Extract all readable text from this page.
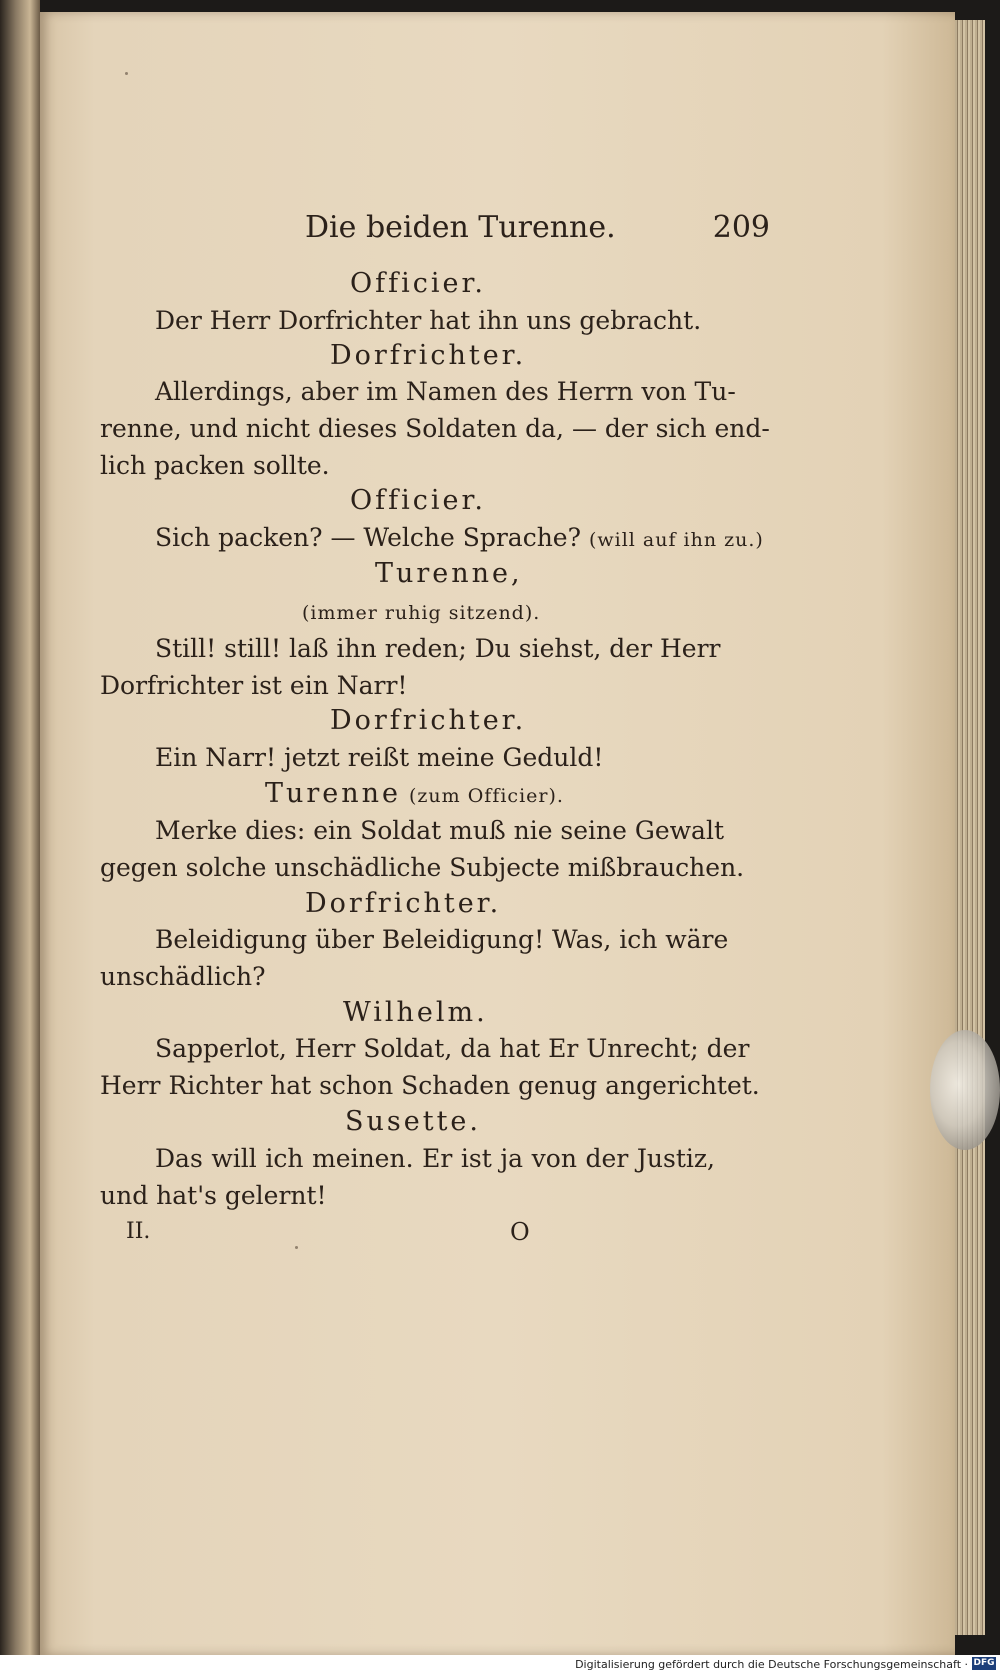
Die beiden Turenne.	209
Officier.
Der Herr Dorfrichter hat ihn uns gebracht.
Dorfrichter.
Allerdings, aber im Namen des Herrn von Tu-
renne, und nicht dieses Soldaten da, — der sich end-
lich packen sollte.
Officier.
Sich packen? — Welche Sprache? (will auf ihn zu.)
Turenne,
(immer ruhig sitzend).
Still! still! laß ihn reden; Du siehst, der Herr
Dorfrichter ist ein Narr!
Dorfrichter.
Ein Narr! jetzt reißt meine Geduld!
Turenne (zum Officier).
Merke dies: ein Soldat muß nie seine Gewalt
gegen solche unschädliche Subjecte mißbrauchen.
Dorfrichter.
Beleidigung über Beleidigung! Was, ich wäre
unschädlich?
Wilhelm.
Sapperlot, Herr Soldat, da hat Er Unrecht; der
Herr Richter hat schon Schaden genug angerichtet.
Susette.
Das will ich meinen. Er ist ja von der Justiz,
und hat's gelernt!
II.	O
Digitalisierung gefördert durch die Deutsche Forschungsgemeinschaft · DFG
